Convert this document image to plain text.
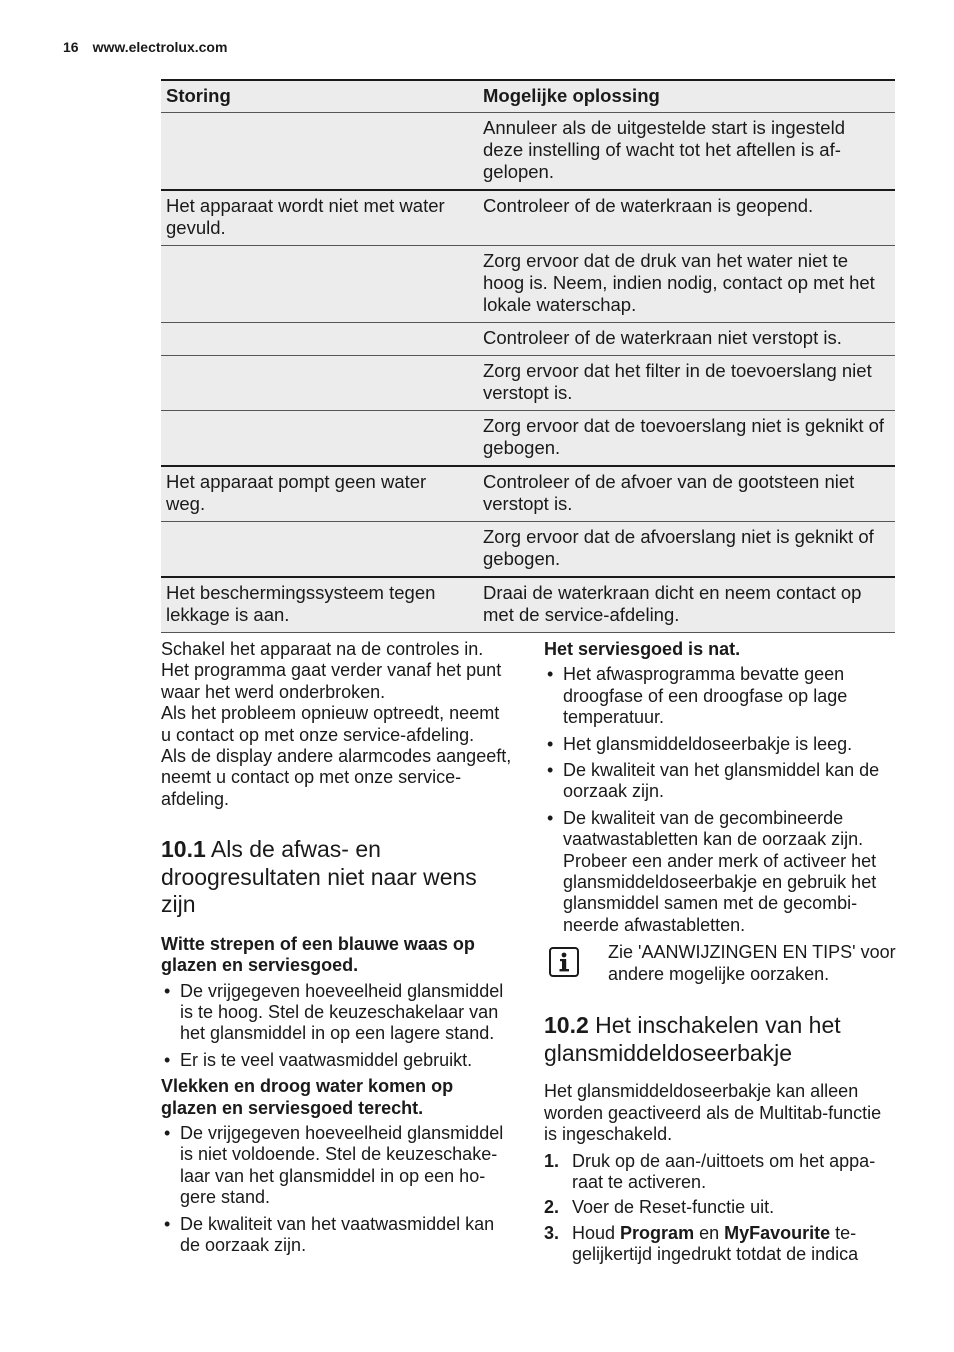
16 www.electrolux.com
Storing	Mogelijke oplossing
	Annuleer als de uitgestelde start is ingesteld deze instelling of wacht tot het aftellen is afgelopen.
Het apparaat wordt niet met water gevuld.	Controleer of de waterkraan is geopend.
	Zorg ervoor dat de druk van het water niet te hoog is. Neem, indien nodig, contact op met het lokale waterschap.
	Controleer of de waterkraan niet verstopt is.
	Zorg ervoor dat het filter in de toevoerslang niet verstopt is.
	Zorg ervoor dat de toevoerslang niet is geknikt of gebogen.
Het apparaat pompt geen water weg.	Controleer of de afvoer van de gootsteen niet verstopt is.
	Zorg ervoor dat de afvoerslang niet is geknikt of gebogen.
Het beschermingssysteem tegen lekkage is aan.	Draai de waterkraan dicht en neem contact op met de service-afdeling.

Schakel het apparaat na de controles in.

Het programma gaat verder vanaf het punt waar het werd onderbroken.

Als het probleem opnieuw optreedt, neemt u contact op met onze service-afdeling.

Als de display andere alarmcodes aangeeft, neemt u contact op met onze service-afdeling.

10.1 Als de afwas- en droogresultaten niet naar wens zijn

Witte strepen of een blauwe waas op glazen en serviesgoed.

• De vrijgegeven hoeveelheid glansmiddel is te hoog. Stel de keuzeschakelaar van het glansmiddel in op een lagere stand.
• Er is te veel vaatwasmiddel gebruikt.

Vlekken en droog water komen op glazen en serviesgoed terecht.

• De vrijgegeven hoeveelheid glansmiddel is niet voldoende. Stel de keuzeschakelaar van het glansmiddel in op een hogere stand.
• De kwaliteit van het vaatwasmiddel kan de oorzaak zijn.

Het serviesgoed is nat.

• Het afwasprogramma bevatte geen droogfase of een droogfase op lage temperatuur.
• Het glansmiddeldoseerbakje is leeg.
• De kwaliteit van het glansmiddel kan de oorzaak zijn.
• De kwaliteit van de gecombineerde vaatwastabletten kan de oorzaak zijn. Probeer een ander merk of activeer het glansmiddeldoseerbakje en gebruik het glansmiddel samen met de gecombineerde afwastabletten.

Zie 'AANWIJZINGEN EN TIPS' voor andere mogelijke oorzaken.

10.2 Het inschakelen van het glansmiddeldoseerbakje

Het glansmiddeldoseerbakje kan alleen worden geactiveerd als de Multitab-functie is ingeschakeld.

1. Druk op de aan-/uittoets om het apparaat te activeren.
2. Voer de Reset-functie uit.
3. Houd Program en MyFavourite tegelijkertijd ingedrukt totdat de indica
